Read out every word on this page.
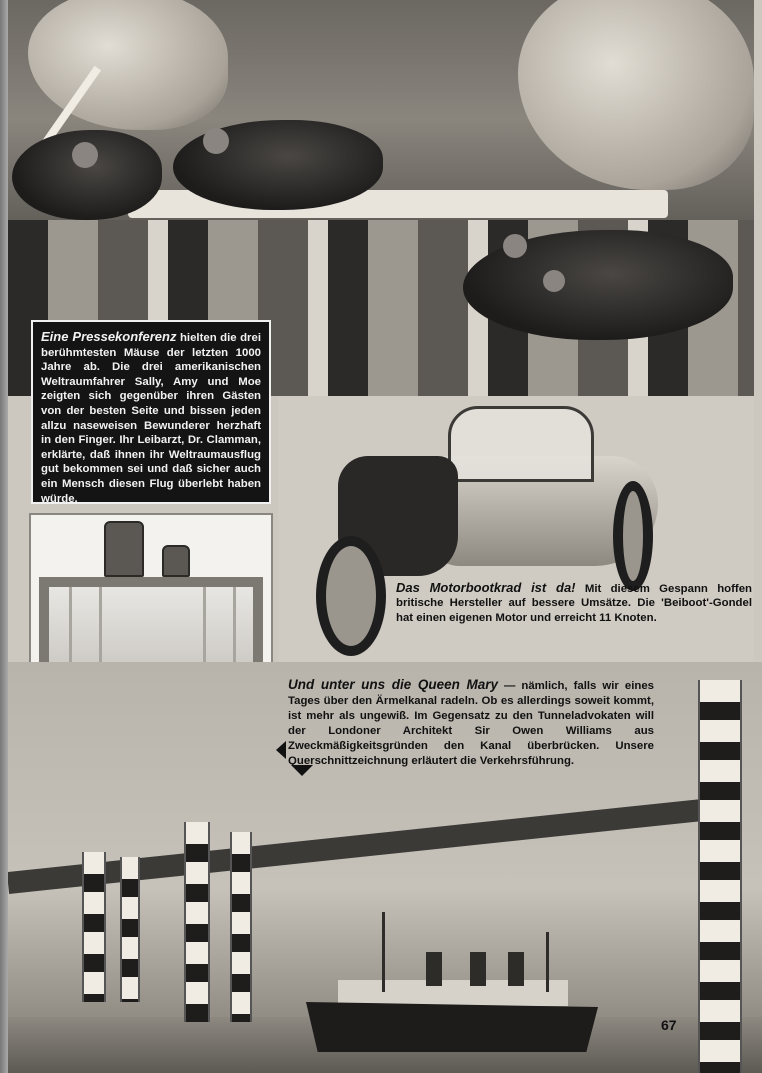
Eine Pressekonferenz hielten die drei berühmtesten Mäuse der letzten 1000 Jahre ab. Die drei amerikanischen Weltraumfahrer Sally, Amy und Moe zeigten sich gegenüber ihren Gästen von der besten Seite und bissen jeden allzu naseweisen Bewunderer herzhaft in den Finger. Ihr Leibarzt, Dr. Clamman, erklärte, daß ihnen ihr Weltraumausflug gut bekommen sei und daß sicher auch ein Mensch diesen Flug überlebt haben würde.
Das Motorbootkrad ist da! Mit diesem Gespann hoffen britische Hersteller auf bessere Umsätze. Die 'Beiboot'-Gondel hat einen eigenen Motor und erreicht 11 Knoten.
Und unter uns die Queen Mary — nämlich, falls wir eines Tages über den Ärmelkanal radeln. Ob es allerdings soweit kommt, ist mehr als ungewiß. Im Gegensatz zu den Tunneladvokaten will der Londoner Architekt Sir Owen Williams aus Zweckmäßigkeitsgründen den Kanal überbrücken. Unsere Querschnittzeichnung erläutert die Verkehrsführung.
67
